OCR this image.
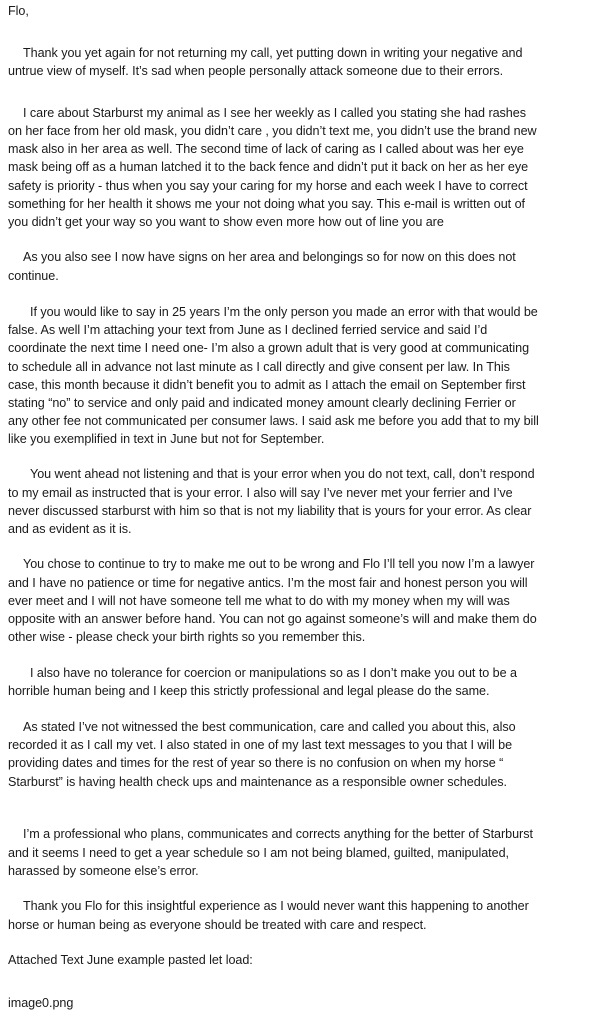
Flo,
Thank you yet again for not returning my call, yet putting down in writing your negative and
untrue view of myself. It’s sad when people personally attack someone due to their errors.
I care about Starburst my animal as I see her weekly as I called you stating she had rashes
on her face from her old mask, you didn’t care , you didn’t text me, you didn’t use the brand new
mask also in her area as well. The second time of lack of caring as I called about was her eye
mask being off as a human latched it to the back fence and didn’t put it back on her as her eye
safety is priority - thus when you say your caring for my horse and each week I have to correct
something for her health it shows me your not doing what you say. This e-mail is written out of
you didn’t get your way so you want to show even more how out of line you are
As you also see I now have signs on her area and belongings so for now on this does not
continue.
If you would like to say in 25 years I’m the only person you made an error with that would be
false. As well I’m attaching your text from June as I declined ferried service and said I’d
coordinate the next time I need one- I’m also a grown adult that is very good at communicating
to schedule all in advance not last minute as I call directly and give consent per law. In This
case, this month because it didn’t benefit you to admit as I attach the email on September first
stating “no” to service and only paid and indicated money amount clearly declining Ferrier or
any other fee not communicated per consumer laws. I said ask me before you add that to my bill
like you exemplified in text in June but not for September.
You went ahead not listening and that is your error when you do not text, call, don’t respond
to my email as instructed that is your error. I also will say I’ve never met your ferrier and I’ve
never discussed starburst with him so that is not my liability that is yours for your error. As clear
and as evident as it is.
You chose to continue to try to make me out to be wrong and Flo I’ll tell you now I’m a lawyer
and I have no patience or time for negative antics. I’m the most fair and honest person you will
ever meet and I will not have someone tell me what to do with my money when my will was
opposite with an answer before hand. You can not go against someone’s will and make them do
other wise - please check your birth rights so you remember this.
I also have no tolerance for coercion or manipulations so as I don’t make you out to be a
horrible human being and I keep this strictly professional and legal please do the same.
As stated I’ve not witnessed the best communication, care and called you about this, also
recorded it as I call my vet. I also stated in one of my last text messages to you that I will be
providing dates and times for the rest of year so there is no confusion on when my horse “
Starburst” is having health check ups and maintenance as a responsible owner schedules.
I’m a professional who plans, communicates and corrects anything for the better of Starburst
and it seems I need to get a year schedule so I am not being blamed, guilted, manipulated,
harassed by someone else’s error.
Thank you Flo for this insightful experience as I would never want this happening to another
horse or human being as everyone should be treated with care and respect.
Attached Text June example pasted let load:
image0.png
